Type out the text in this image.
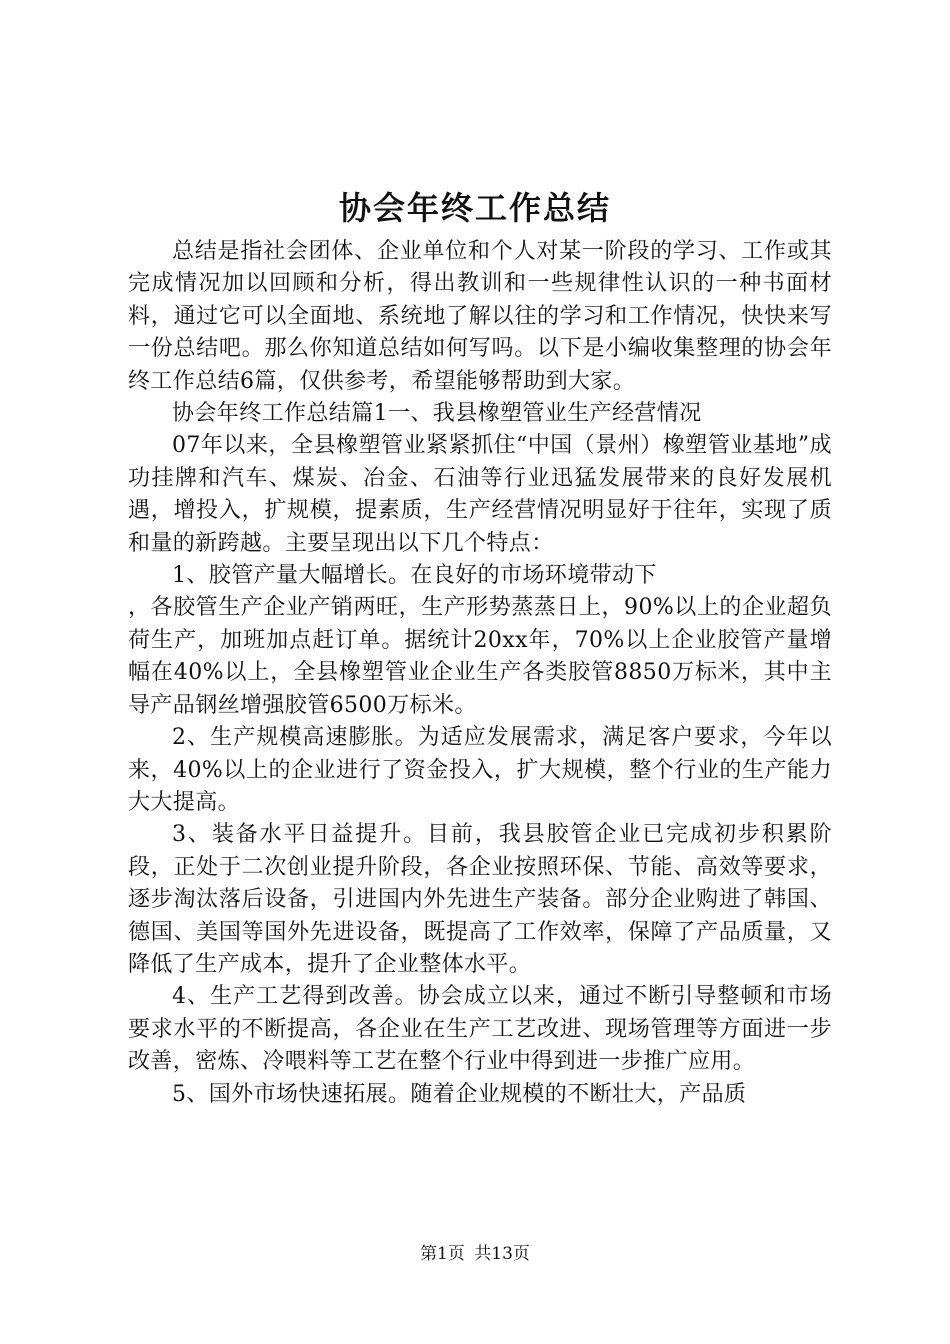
协会年终工作总结

总结是指社会团体、企业单位和个人对某一阶段的学习、工作或其完成情况加以回顾和分析，得出教训和一些规律性认识的一种书面材料，通过它可以全面地、系统地了解以往的学习和工作情况，快快来写一份总结吧。那么你知道总结如何写吗。以下是小编收集整理的协会年终工作总结6篇，仅供参考，希望能够帮助到大家。

协会年终工作总结篇1一、我县橡塑管业生产经营情况

07年以来，全县橡塑管业紧紧抓住“中国（景州）橡塑管业基地”成功挂牌和汽车、煤炭、冶金、石油等行业迅猛发展带来的良好发展机遇，增投入，扩规模，提素质，生产经营情况明显好于往年，实现了质和量的新跨越。主要呈现出以下几个特点：

1、胶管产量大幅增长。在良好的市场环境带动下

，各胶管生产企业产销两旺，生产形势蒸蒸日上，90%以上的企业超负荷生产，加班加点赶订单。据统计20xx年，70%以上企业胶管产量增幅在40%以上，全县橡塑管业企业生产各类胶管8850万标米，其中主导产品钢丝增强胶管6500万标米。

2、生产规模高速膨胀。为适应发展需求，满足客户要求，今年以来，40%以上的企业进行了资金投入，扩大规模，整个行业的生产能力大大提高。

3、装备水平日益提升。目前，我县胶管企业已完成初步积累阶段，正处于二次创业提升阶段，各企业按照环保、节能、高效等要求，逐步淘汰落后设备，引进国内外先进生产装备。部分企业购进了韩国、德国、美国等国外先进设备，既提高了工作效率，保障了产品质量，又降低了生产成本，提升了企业整体水平。

4、生产工艺得到改善。协会成立以来，通过不断引导整顿和市场要求水平的不断提高，各企业在生产工艺改进、现场管理等方面进一步改善，密炼、冷喂料等工艺在整个行业中得到进一步推广应用。

5、国外市场快速拓展。随着企业规模的不断壮大，产品质

第1页 共13页
